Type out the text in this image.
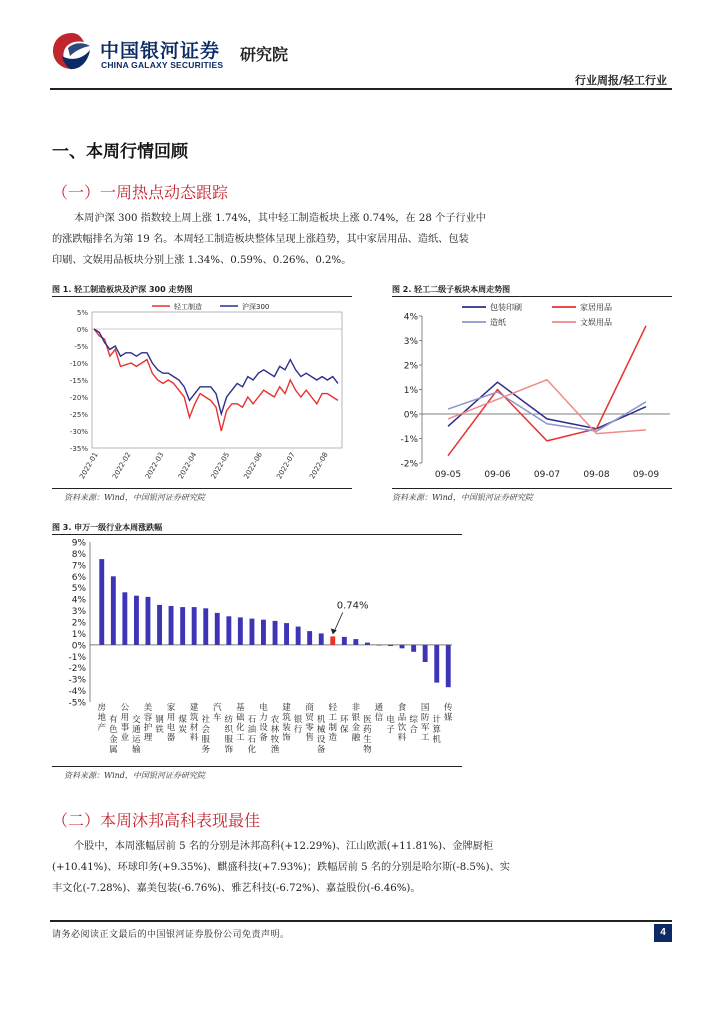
中国银河证券
CHINA GALAXY SECURITIES
研究院
行业周报/轻工行业
一、本周行情回顾
（一）一周热点动态跟踪
本周沪深 300 指数较上周上涨 1.74%，其中轻工制造板块上涨 0.74%，在 28 个子行业中
的涨跌幅排名为第 19 名。本周轻工制造板块整体呈现上涨趋势，其中家居用品、造纸、包装
印刷、文娱用品板块分别上涨 1.34%、0.59%、0.26%、0.2%。
图 1. 轻工制造板块及沪深 300 走势图
5%
0%
-5%
-10%
-15%
-20%
-25%
-30%
-35%
2022-01 2022-02 2022-03 2022-04 2022-05 2022-06 2022-07 2022-08
轻工制造	沪深300
资料来源：Wind，中国银河证券研究院
图 2. 轻工二级子板块本周走势图
4%
3%
2%
1%
0%
-1%
-2%
09-05	09-06	09-07	09-08	09-09
包装印刷	家居用品
造纸	文娱用品
资料来源：Wind，中国银河证券研究院
图 3. 申万一级行业本周涨跌幅
9%
8%
7%
6%
5%
4%
3%
2%
1%
0%
-1%
-2%
-3%
-4%
-5% 房地产
有色金属
公用事业
交通运输
美容护理
钢铁
家用电器
煤炭
建筑材料
社会服务
汽车 纺织服饰
基础化工
石油石化
电力设备
农林牧渔
建筑装饰
银行
商贸零售
机械设备
轻工制造
环保
非银金融
医药生物
通信 电子
食品饮料
综合
国防军工
计算机
传媒
0.74%
资料来源：Wind，中国银河证券研究院
（二）本周沐邦高科表现最佳
个股中，本周涨幅居前 5 名的分别是沐邦高科(+12.29%)、江山欧派(+11.81%)、金牌厨柜
(+10.41%)、环球印务(+9.35%)、麒盛科技(+7.93%)；跌幅居前 5 名的分别是哈尔斯(-8.5%)、实
丰文化(-7.28%)、嘉美包装(-6.76%)、雅艺科技(-6.72%)、嘉益股份(-6.46%)。
请务必阅读正文最后的中国银河证券股份公司免责声明。	4
